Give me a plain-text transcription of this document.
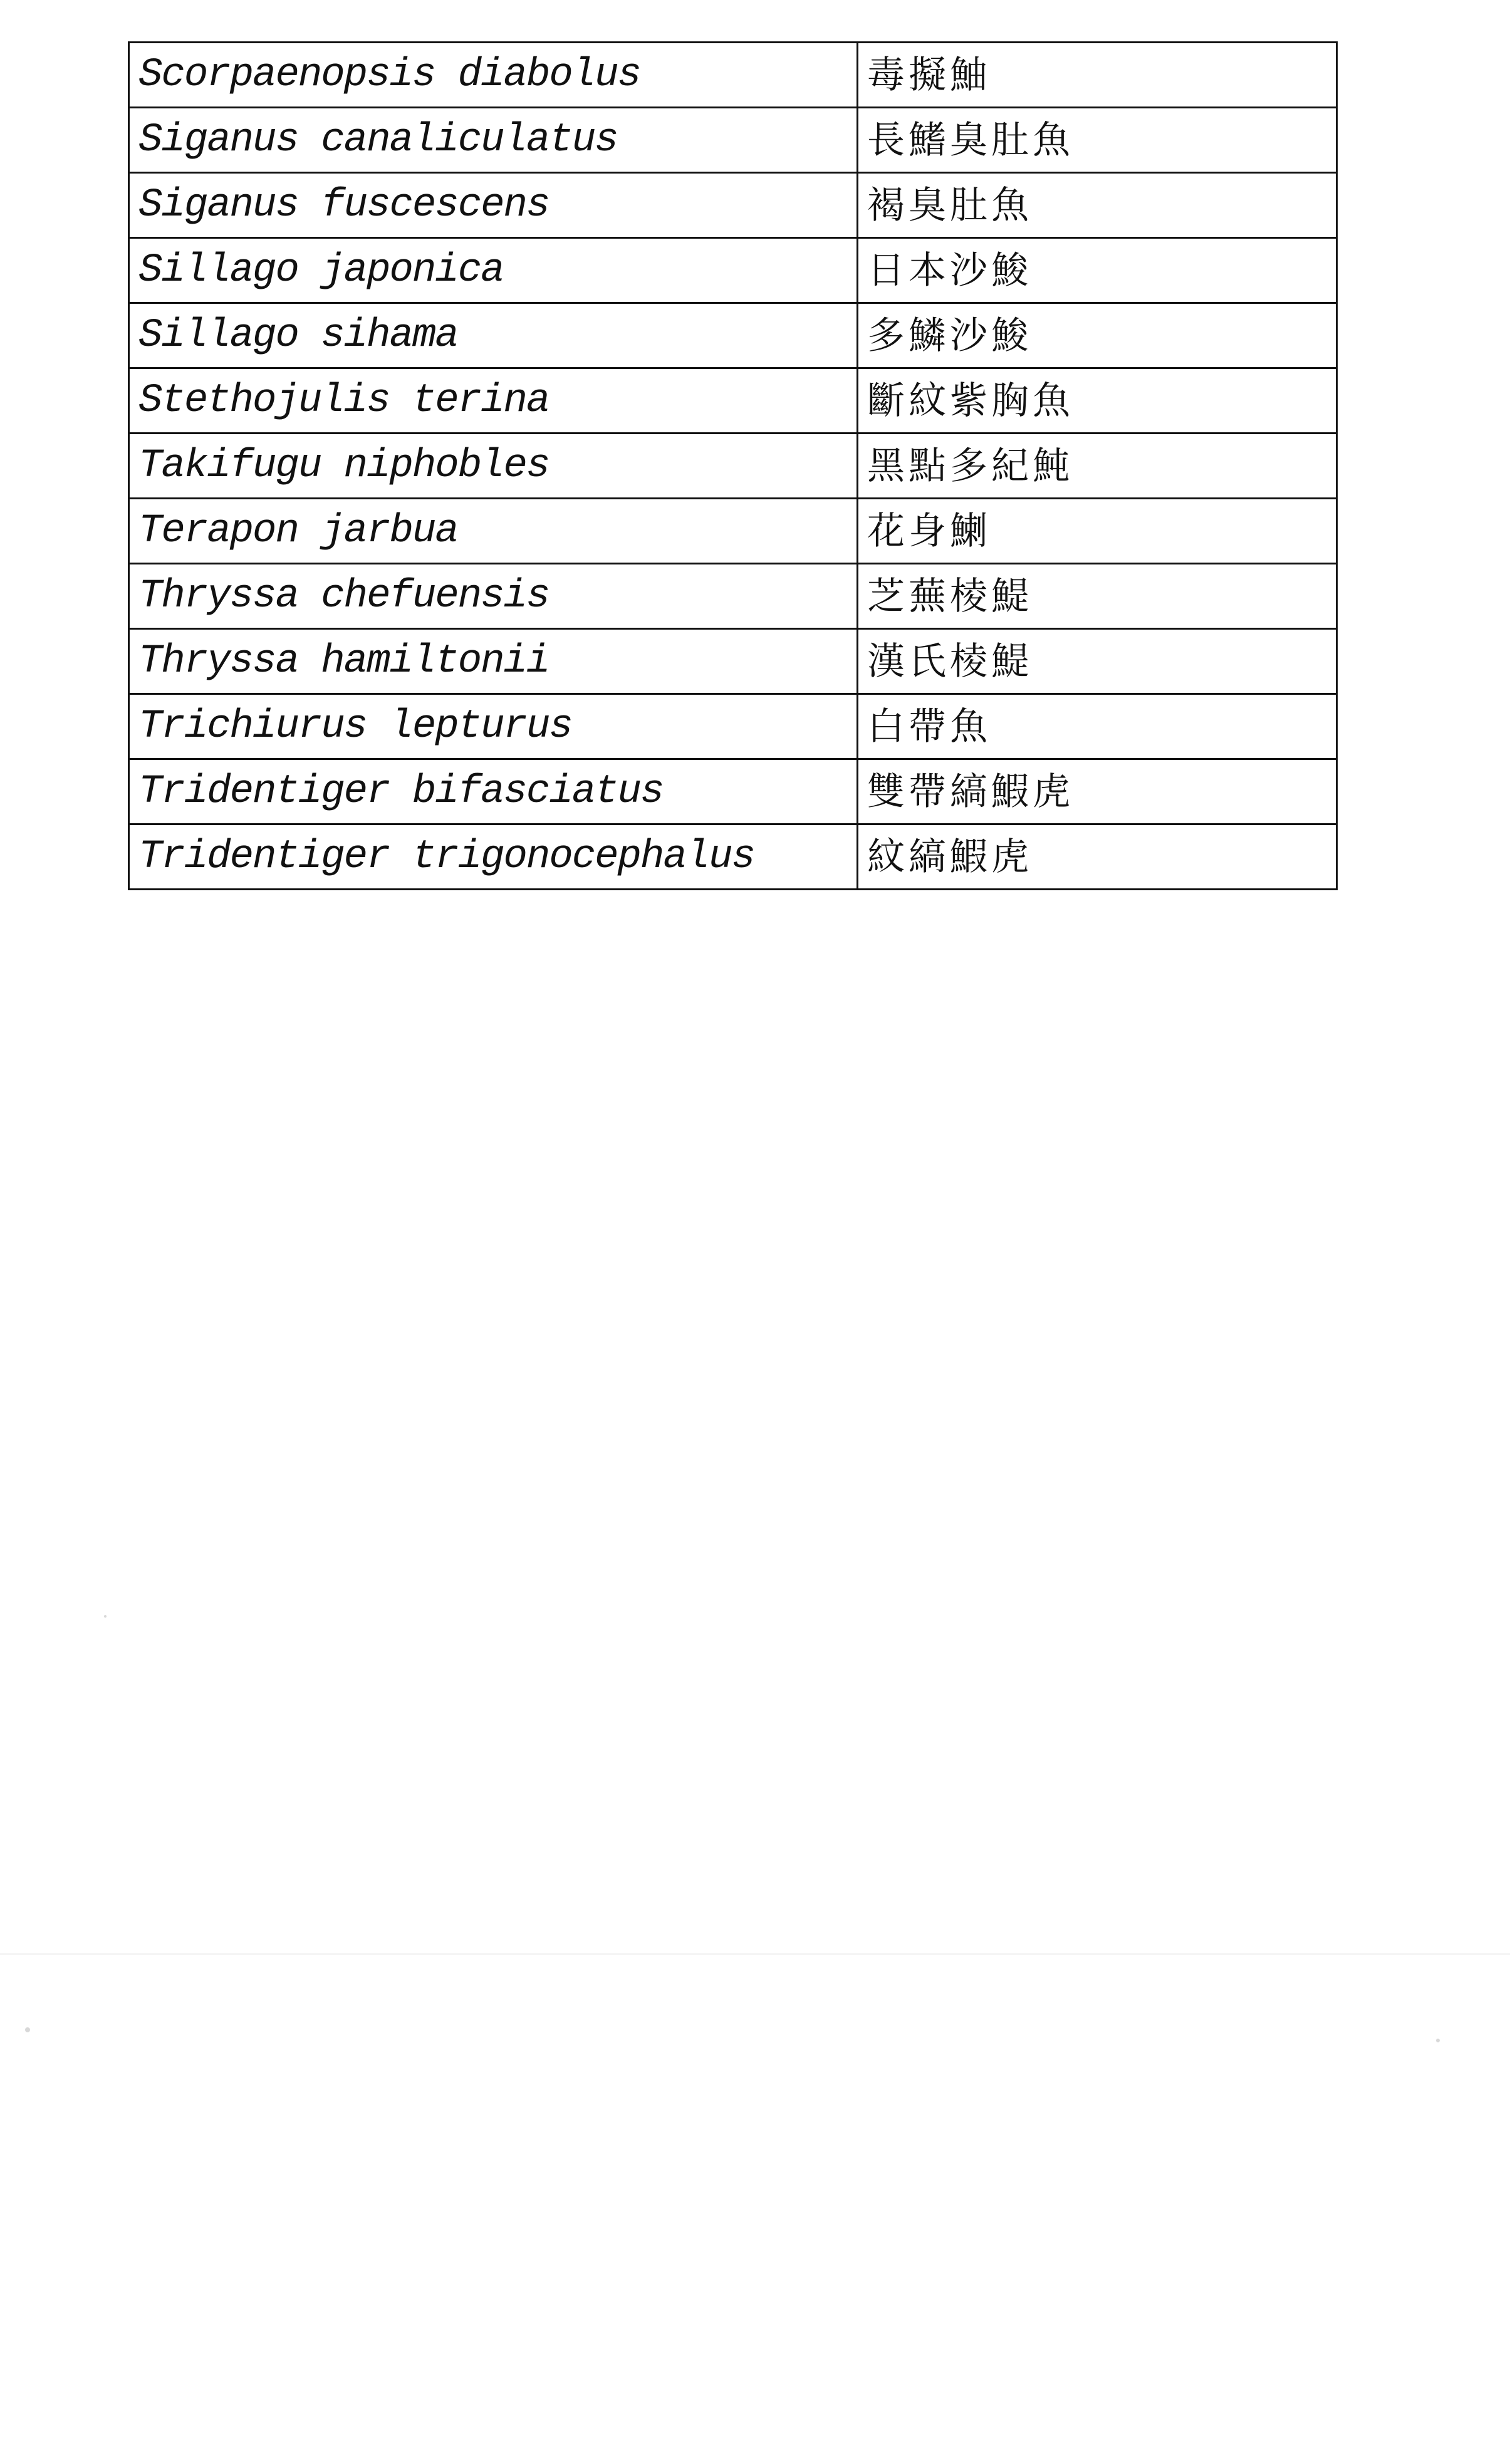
Scorpaenopsis diabolus	毒擬鮋
Siganus canaliculatus	長鰭臭肚魚
Siganus fuscescens	褐臭肚魚
Sillago japonica	日本沙鮻
Sillago sihama	多鱗沙鮻
Stethojulis terina	斷紋紫胸魚
Takifugu niphobles	黑點多紀魨
Terapon jarbua	花身鯻
Thryssa chefuensis	芝蕪棱鯷
Thryssa hamiltonii	漢氏棱鯷
Trichiurus lepturus	白帶魚
Tridentiger bifasciatus	雙帶縞鰕虎
Tridentiger trigonocephalus	紋縞鰕虎
